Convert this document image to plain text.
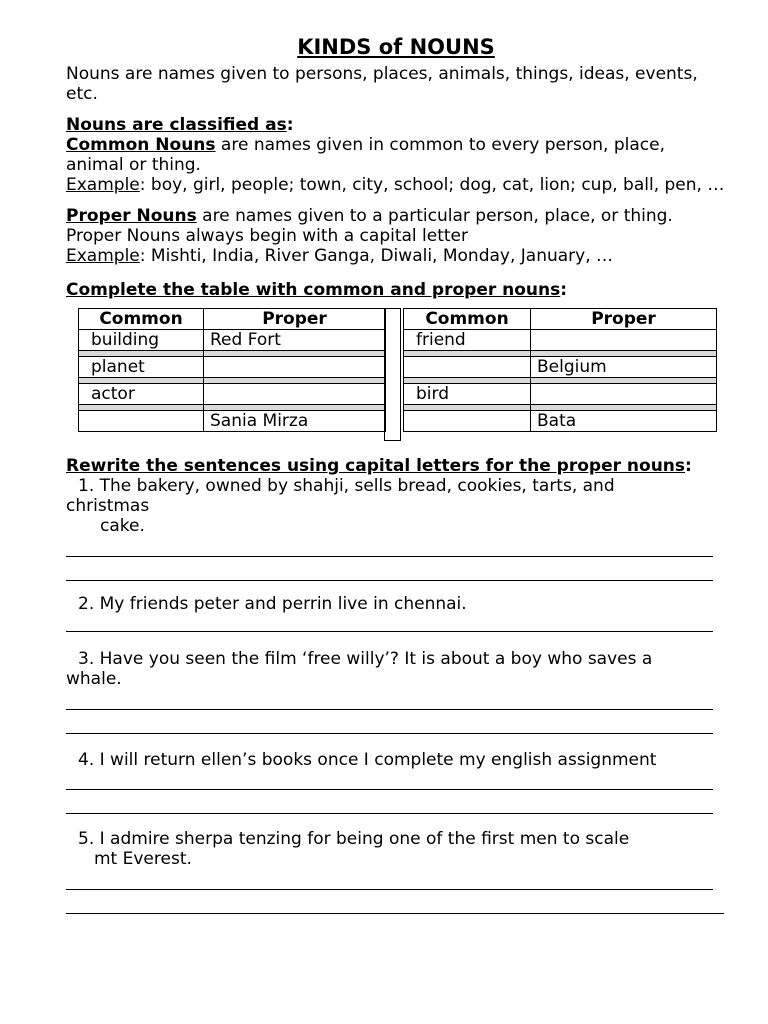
KINDS of NOUNS

Nouns are names given to persons, places, animals, things, ideas, events, etc.

Nouns are classified as:

Common Nouns are names given in common to every person, place, animal or thing.

Example: boy, girl, people; town, city, school; dog, cat, lion; cup, ball, pen, …

Proper Nouns are names given to a particular person, place, or thing.

Proper Nouns always begin with a capital letter

Example: Mishti, India, River Ganga, Diwali, Monday, January, …

Complete the table with common and proper nouns:

Common	Proper
building	Red Fort

planet	

actor	

	Sania Mirza
Common	Proper
friend	

	Belgium

bird	

	Bata

Rewrite the sentences using capital letters for the proper nouns:

1. The bakery, owned by shahji, sells bread, cookies, tarts, and

christmas

cake.

2. My friends peter and perrin live in chennai.

3. Have you seen the film ‘free willy’? It is about a boy who saves a

whale.

4. I will return ellen’s books once I complete my english assignment

5. I admire sherpa tenzing for being one of the first men to scale

mt Everest.
